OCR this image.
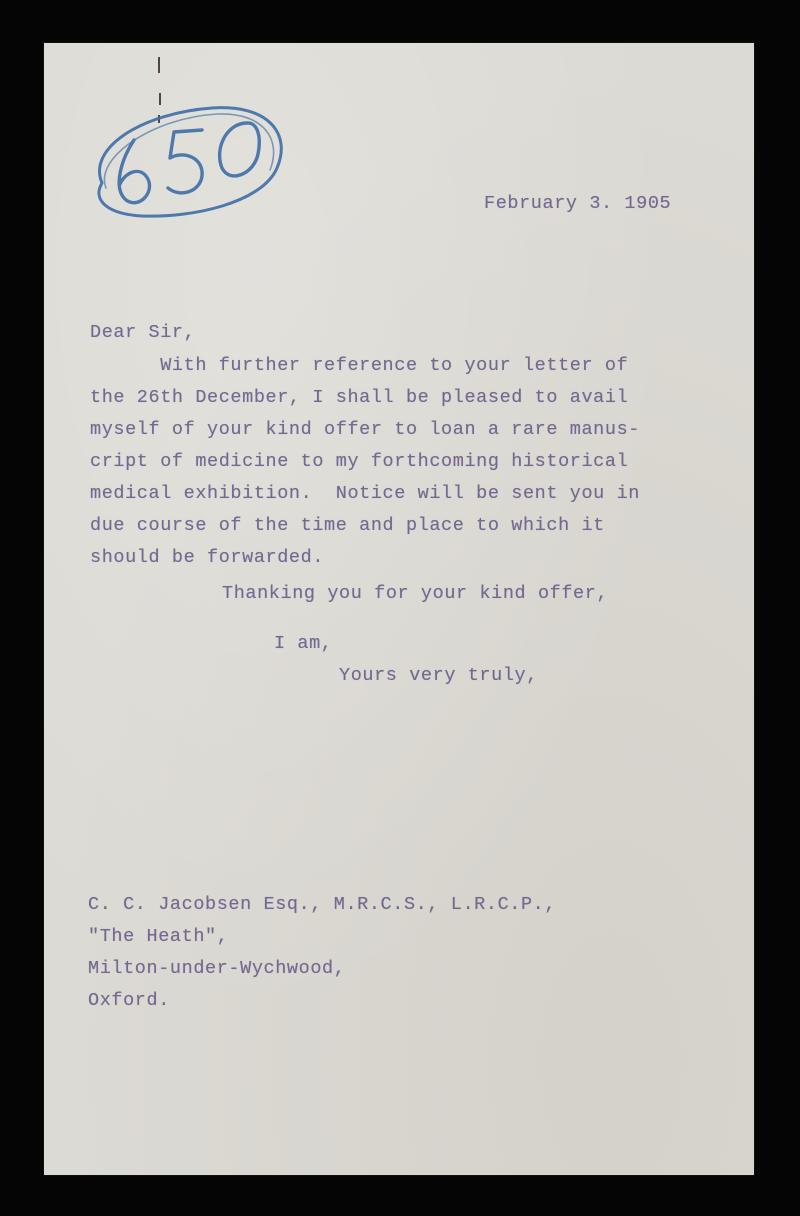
February 3. 1905
Dear Sir,

With further reference to your letter of

the 26th December, I shall be pleased to avail

myself of your kind offer to loan a rare manus-

cript of medicine to my forthcoming historical

medical exhibition.  Notice will be sent you in

due course of the time and place to which it

should be forwarded.

Thanking you for your kind offer,
I am,
Yours very truly,

C. C. Jacobsen Esq., M.R.C.S., L.R.C.P.,

"The Heath",

Milton-under-Wychwood,

Oxford.
